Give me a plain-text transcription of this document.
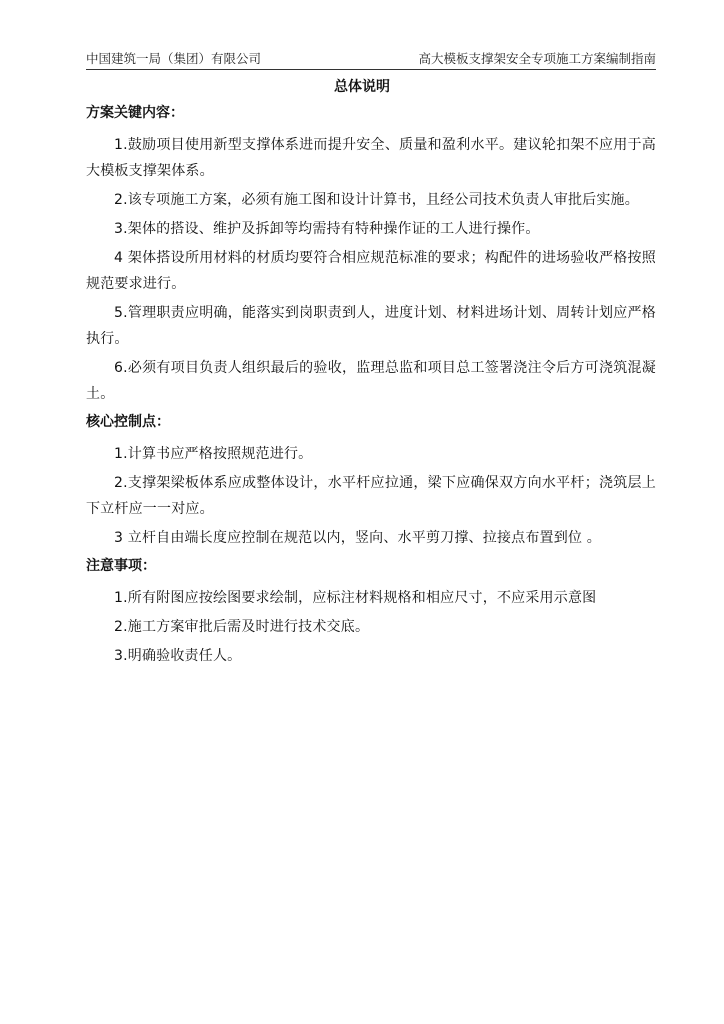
中国建筑一局（集团）有限公司	高大模板支撑架安全专项施工方案编制指南
总体说明
方案关键内容：

1.鼓励项目使用新型支撑体系进而提升安全、质量和盈利水平。建议轮扣架不应用于高大模板支撑架体系。

2.该专项施工方案，必须有施工图和设计计算书，且经公司技术负责人审批后实施。

3.架体的搭设、维护及拆卸等均需持有特种操作证的工人进行操作。

4 架体搭设所用材料的材质均要符合相应规范标准的要求；构配件的进场验收严格按照规范要求进行。

5.管理职责应明确，能落实到岗职责到人，进度计划、材料进场计划、周转计划应严格执行。

6.必须有项目负责人组织最后的验收，监理总监和项目总工签署浇注令后方可浇筑混凝土。

核心控制点：

1.计算书应严格按照规范进行。

2.支撑架梁板体系应成整体设计，水平杆应拉通，梁下应确保双方向水平杆；浇筑层上下立杆应一一对应。

3 立杆自由端长度应控制在规范以内，竖向、水平剪刀撑、拉接点布置到位 。

注意事项：

1.所有附图应按绘图要求绘制，应标注材料规格和相应尺寸，不应采用示意图

2.施工方案审批后需及时进行技术交底。

3.明确验收责任人。
